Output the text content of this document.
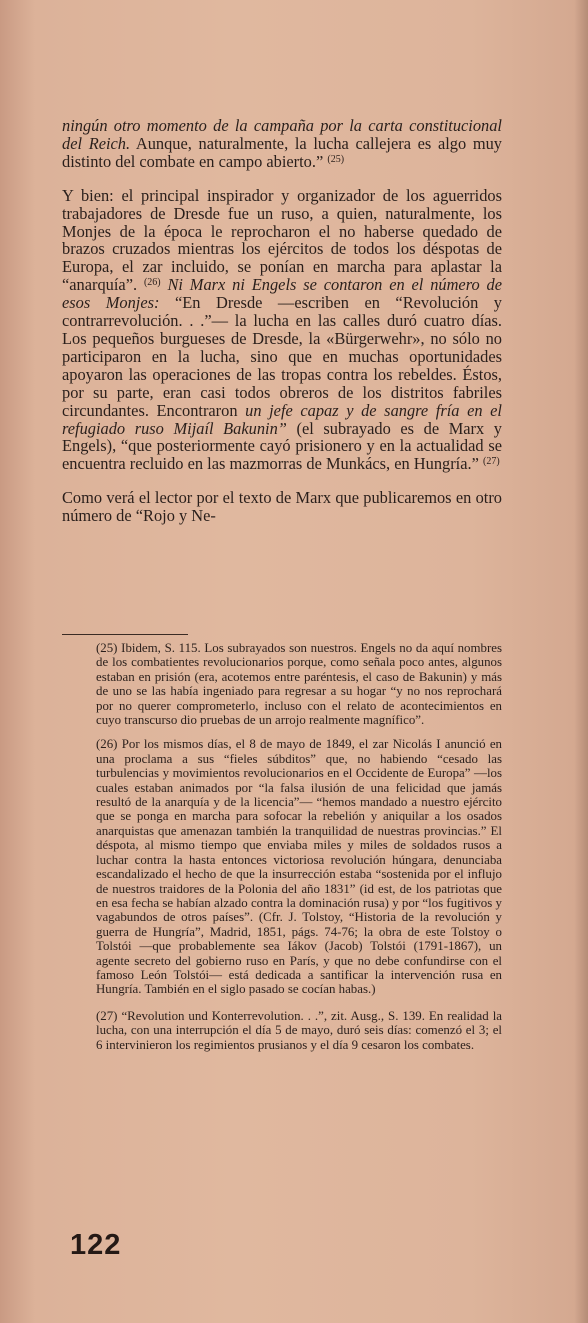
ningún otro momento de la campaña por la carta constitucional del Reich. Aunque, naturalmente, la lucha callejera es algo muy distinto del combate en campo abierto.” $^{(25)}$

Y bien: el principal inspirador y organizador de los aguerridos trabajadores de Dresde fue un ruso, a quien, naturalmente, los Monjes de la época le reprocharon el no haberse quedado de brazos cruzados mientras los ejércitos de todos los déspotas de Europa, el zar incluido, se ponían en marcha para aplastar la “anarquía”. $^{(26)}$ Ni Marx ni Engels se contaron en el número de esos Monjes: “En Dresde —escriben en “Revolución y contrarrevolución. . .”— la lucha en las calles duró cuatro días. Los pequeños burgueses de Dresde, la «Bürgerwehr», no sólo no participaron en la lucha, sino que en muchas oportunidades apoyaron las operaciones de las tropas contra los rebeldes. Éstos, por su parte, eran casi todos obreros de los distritos fabriles circundantes. Encontraron un jefe capaz y de sangre fría en el refugiado ruso Mijaíl Bakunin” (el subrayado es de Marx y Engels), “que posteriormente cayó prisionero y en la actualidad se encuentra recluido en las mazmorras de Munkács, en Hungría.” $^{(27)}$

Como verá el lector por el texto de Marx que publicaremos en otro número de “Rojo y Ne-

(25) Ibidem, S. 115. Los subrayados son nuestros. Engels no da aquí nombres de los combatientes revolucionarios porque, como señala poco antes, algunos estaban en prisión (era, acotemos entre paréntesis, el caso de Bakunin) y más de uno se las había ingeniado para regresar a su hogar “y no nos reprochará por no querer comprometerlo, incluso con el relato de acontecimientos en cuyo transcurso dio pruebas de un arrojo realmente magnífico”.

(26) Por los mismos días, el 8 de mayo de 1849, el zar Nicolás I anunció en una proclama a sus “fieles súbditos” que, no habiendo “cesado las turbulencias y movimientos revolucionarios en el Occidente de Europa” —los cuales estaban animados por “la falsa ilusión de una felicidad que jamás resultó de la anarquía y de la licencia”— “hemos mandado a nuestro ejército que se ponga en marcha para sofocar la rebelión y aniquilar a los osados anarquistas que amenazan también la tranquilidad de nuestras provincias.” El déspota, al mismo tiempo que enviaba miles y miles de soldados rusos a luchar contra la hasta entonces victoriosa revolución húngara, denunciaba escandalizado el hecho de que la insurrección estaba “sostenida por el influjo de nuestros traidores de la Polonia del año 1831” (id est, de los patriotas que en esa fecha se habían alzado contra la dominación rusa) y por “los fugitivos y vagabundos de otros países”. (Cfr. J. Tolstoy, “Historia de la revolución y guerra de Hungría”, Madrid, 1851, págs. 74-76; la obra de este Tolstoy o Tolstói —que probablemente sea Iákov (Jacob) Tolstói (1791-1867), un agente secreto del gobierno ruso en París, y que no debe confundirse con el famoso León Tolstói— está dedicada a santificar la intervención rusa en Hungría. También en el siglo pasado se cocían habas.)

(27) “Revolution und Konterrevolution. . .”, zit. Ausg., S. 139. En realidad la lucha, con una interrupción el día 5 de mayo, duró seis días: comenzó el 3; el 6 intervinieron los regimientos prusianos y el día 9 cesaron los combates.

122
